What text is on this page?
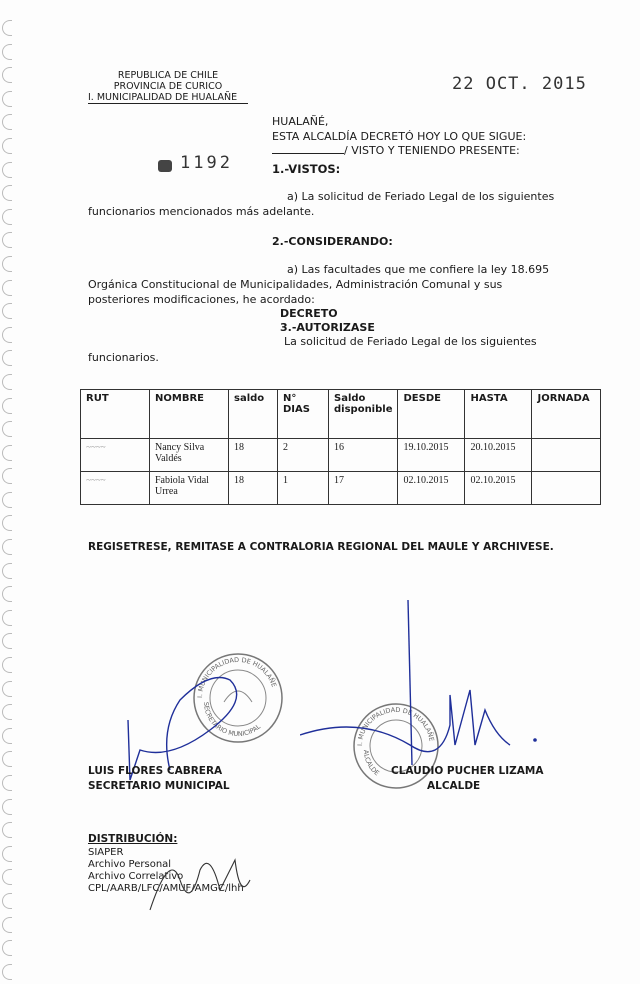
REPUBLICA DE CHILE
PROVINCIA DE CURICO
I. MUNICIPALIDAD DE HUALAÑE
22 OCT. 2015
HUALAÑÉ,
ESTA ALCALDÍA DECRETÓ HOY LO QUE SIGUE:
/ VISTO Y TENIENDO PRESENTE:
1192	1.-VISTOS:
a) La solicitud de Feriado Legal de los siguientes
funcionarios mencionados más adelante.
2.-CONSIDERANDO:
a) Las facultades que me confiere la ley 18.695
Orgánica Constitucional de Municipalidades, Administración Comunal y sus
posteriores modificaciones, he acordado:
DECRETO
3.-AUTORIZASE
La solicitud de Feriado Legal de los siguientes
funcionarios.
RUT	NOMBRE	saldo	N° DIAS	Saldo disponible	DESDE	HASTA	JORNADA
~~~~	Nancy Silva Valdés	18	2	16	19.10.2015	20.10.2015	
~~~~	Fabiola Vidal Urrea	18	1	17	02.10.2015	02.10.2015	
REGISETRESE, REMITASE A CONTRALORIA REGIONAL DEL MAULE Y ARCHIVESE.
I. MUNICIPALIDAD DE HUALAÑE
SECRETARIO MUNICIPAL
I. MUNICIPALIDAD DE HUALAÑE
ALCALDE
LUIS FLORES CABRERA
SECRETARIO MUNICIPAL
CLAUDIO PUCHER LIZAMA
ALCALDE
DISTRIBUCIÓN:
SIAPER
Archivo Personal
Archivo Correlativo
CPL/AARB/LFC/AMUF/AMGC/lhh
